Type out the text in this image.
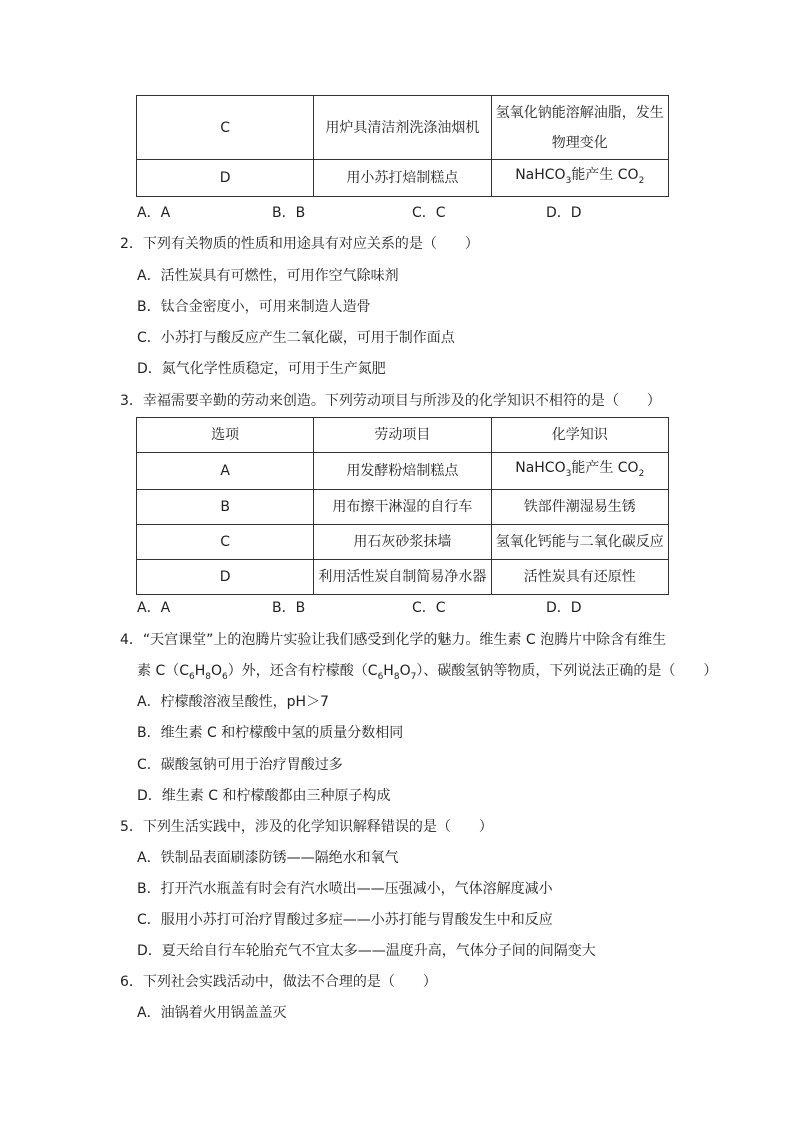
C	用炉具清洁剂洗涤油烟机	氢氧化钠能溶解油脂，发生
物理变化

D	用小苏打焙制糕点	NaHCO$_3$能产生 $CO_2$
A．A	B．B	C．C	D．D
2．下列有关物质的性质和用途具有对应关系的是（　　）
A．活性炭具有可燃性，可用作空气除味剂
B．钛合金密度小，可用来制造人造骨
C．小苏打与酸反应产生二氧化碳，可用于制作面点
D．氮气化学性质稳定，可用于生产氮肥
3．幸福需要辛勤的劳动来创造。下列劳动项目与所涉及的化学知识不相符的是（　　）
选项	劳动项目	化学知识
A	用发酵粉焙制糕点	NaHCO$_3$能产生 $CO_2$
B	用布擦干淋湿的自行车	铁部件潮湿易生锈
C	用石灰砂浆抹墙	氢氧化钙能与二氧化碳反应
D	利用活性炭自制简易净水器	活性炭具有还原性
A．A	B．B	C．C	D．D
4．“天宫课堂”上的泡腾片实验让我们感受到化学的魅力。维生素 C 泡腾片中除含有维生
素 $C(C_6H_8O_6)$外，还含有柠檬酸$(C_6H_8O_7)$、碳酸氢钠等物质，下列说法正确的是（　　）
A．柠檬酸溶液呈酸性，pH＞7
B．维生素 C 和柠檬酸中氢的质量分数相同
C．碳酸氢钠可用于治疗胃酸过多
D．维生素 C 和柠檬酸都由三种原子构成
5．下列生活实践中，涉及的化学知识解释错误的是（　　）
A．铁制品表面刷漆防锈——隔绝水和氧气
B．打开汽水瓶盖有时会有汽水喷出——压强减小，气体溶解度减小
C．服用小苏打可治疗胃酸过多症——小苏打能与胃酸发生中和反应
D．夏天给自行车轮胎充气不宜太多——温度升高，气体分子间的间隔变大
6．下列社会实践活动中，做法不合理的是（　　）
A．油锅着火用锅盖盖灭
